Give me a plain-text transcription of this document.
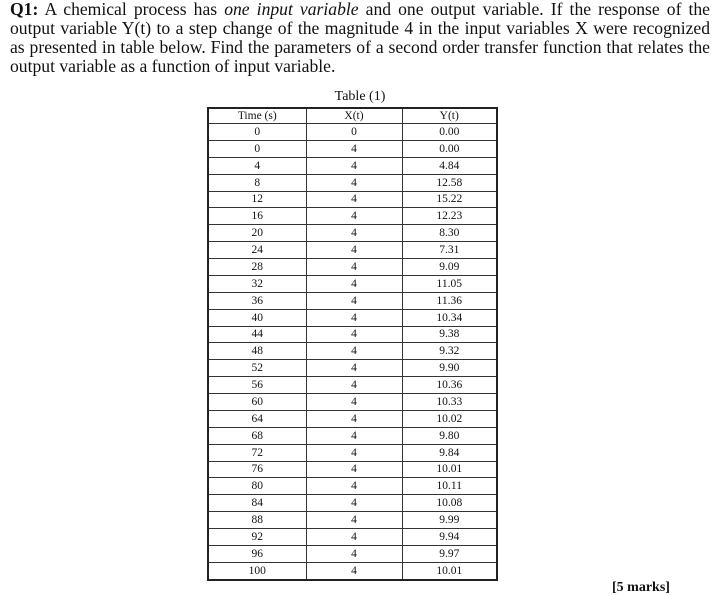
Q1: A chemical process has one input variable and one output variable. If the response of the output variable Y(t) to a step change of the magnitude 4 in the input variables X were recognized as presented in table below. Find the parameters of a second order transfer function that relates the output variable as a function of input variable.
Table (1)
Time (s)	X(t)	Y(t)
0	0	0.00
0	4	0.00
4	4	4.84
8	4	12.58
12	4	15.22
16	4	12.23
20	4	8.30
24	4	7.31
28	4	9.09
32	4	11.05
36	4	11.36
40	4	10.34
44	4	9.38
48	4	9.32
52	4	9.90
56	4	10.36
60	4	10.33
64	4	10.02
68	4	9.80
72	4	9.84
76	4	10.01
80	4	10.11
84	4	10.08
88	4	9.99
92	4	9.94
96	4	9.97
100	4	10.01
[5 marks]
